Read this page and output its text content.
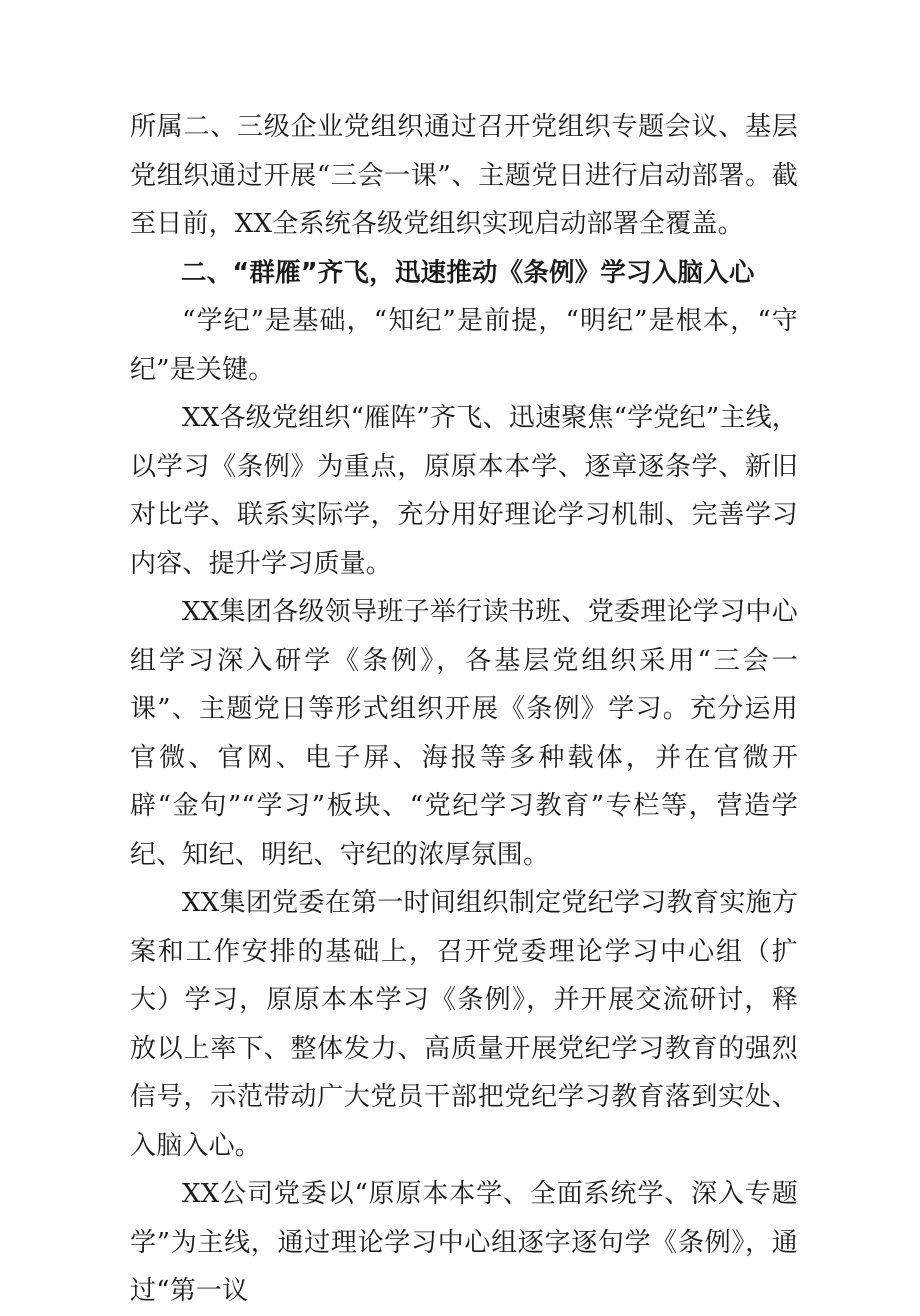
所属二、三级企业党组织通过召开党组织专题会议、基层党组织通过开展“三会一课”、主题党日进行启动部署。截至日前，XX全系统各级党组织实现启动部署全覆盖。

二、“群雁”齐飞，迅速推动《条例》学习入脑入心

“学纪”是基础，“知纪”是前提，“明纪”是根本，“守纪”是关键。

XX各级党组织“雁阵”齐飞、迅速聚焦“学党纪”主线，以学习《条例》为重点，原原本本学、逐章逐条学、新旧对比学、联系实际学，充分用好理论学习机制、完善学习内容、提升学习质量。

XX集团各级领导班子举行读书班、党委理论学习中心组学习深入研学《条例》，各基层党组织采用“三会一课”、主题党日等形式组织开展《条例》学习。充分运用官微、官网、电子屏、海报等多种载体，并在官微开辟“金句”“学习”板块、“党纪学习教育”专栏等，营造学纪、知纪、明纪、守纪的浓厚氛围。

XX集团党委在第一时间组织制定党纪学习教育实施方案和工作安排的基础上，召开党委理论学习中心组（扩大）学习，原原本本学习《条例》，并开展交流研讨，释放以上率下、整体发力、高质量开展党纪学习教育的强烈信号，示范带动广大党员干部把党纪学习教育落到实处、入脑入心。

XX公司党委以“原原本本学、全面系统学、深入专题学”为主线，通过理论学习中心组逐字逐句学《条例》，通过“第一议
